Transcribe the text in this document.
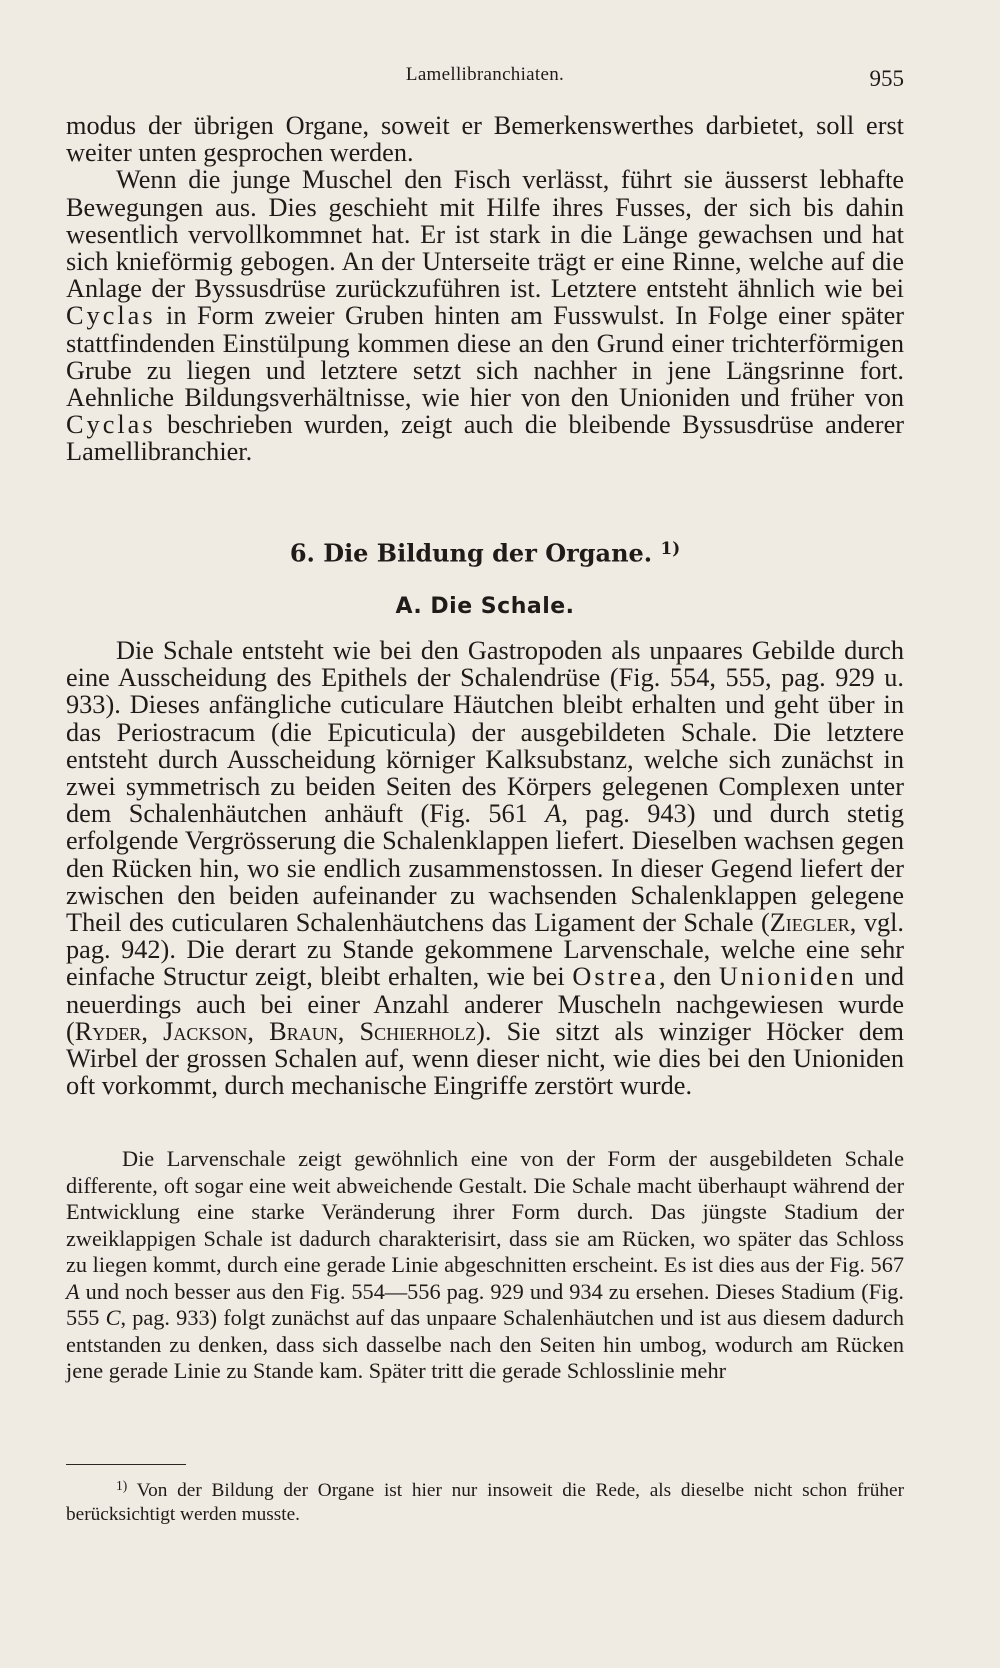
Lamellibranchiaten.	955

modus der übrigen Organe, soweit er Bemerkenswerthes darbietet, soll erst weiter unten gesprochen werden.

Wenn die junge Muschel den Fisch verlässt, führt sie äusserst lebhafte Bewegungen aus. Dies geschieht mit Hilfe ihres Fusses, der sich bis dahin wesentlich vervollkommnet hat. Er ist stark in die Länge gewachsen und hat sich knieförmig gebogen. An der Unterseite trägt er eine Rinne, welche auf die Anlage der Byssusdrüse zurückzuführen ist. Letztere entsteht ähnlich wie bei Cyclas in Form zweier Gruben hinten am Fusswulst. In Folge einer später stattfindenden Einstülpung kommen diese an den Grund einer trichterförmigen Grube zu liegen und letztere setzt sich nachher in jene Längsrinne fort. Aehnliche Bildungsverhältnisse, wie hier von den Unioniden und früher von Cyclas beschrieben wurden, zeigt auch die bleibende Byssusdrüse anderer Lamellibranchier.

6. Die Bildung der Organe. $^{1)}$
A. Die Schale.

Die Schale entsteht wie bei den Gastropoden als unpaares Gebilde durch eine Ausscheidung des Epithels der Schalendrüse (Fig. 554, 555, pag. 929 u. 933). Dieses anfängliche cuticulare Häutchen bleibt erhalten und geht über in das Periostracum (die Epicuticula) der ausgebildeten Schale. Die letztere entsteht durch Ausscheidung körniger Kalksubstanz, welche sich zunächst in zwei symmetrisch zu beiden Seiten des Körpers gelegenen Complexen unter dem Schalenhäutchen anhäuft (Fig. 561 A, pag. 943) und durch stetig erfolgende Vergrösserung die Schalenklappen liefert. Dieselben wachsen gegen den Rücken hin, wo sie endlich zusammenstossen. In dieser Gegend liefert der zwischen den beiden aufeinander zu wachsenden Schalenklappen gelegene Theil des cuticularen Schalenhäutchens das Ligament der Schale (Ziegler, vgl. pag. 942). Die derart zu Stande gekommene Larvenschale, welche eine sehr einfache Structur zeigt, bleibt erhalten, wie bei Ostrea, den Unioniden und neuerdings auch bei einer Anzahl anderer Muscheln nachgewiesen wurde (Ryder, Jackson, Braun, Schierholz). Sie sitzt als winziger Höcker dem Wirbel der grossen Schalen auf, wenn dieser nicht, wie dies bei den Unioniden oft vorkommt, durch mechanische Eingriffe zerstört wurde.

Die Larvenschale zeigt gewöhnlich eine von der Form der ausgebildeten Schale differente, oft sogar eine weit abweichende Gestalt. Die Schale macht überhaupt während der Entwicklung eine starke Veränderung ihrer Form durch. Das jüngste Stadium der zweiklappigen Schale ist dadurch charakterisirt, dass sie am Rücken, wo später das Schloss zu liegen kommt, durch eine gerade Linie abgeschnitten erscheint. Es ist dies aus der Fig. 567 A und noch besser aus den Fig. 554—556 pag. 929 und 934 zu ersehen. Dieses Stadium (Fig. 555 C, pag. 933) folgt zunächst auf das unpaare Schalenhäutchen und ist aus diesem dadurch entstanden zu denken, dass sich dasselbe nach den Seiten hin umbog, wodurch am Rücken jene gerade Linie zu Stande kam. Später tritt die gerade Schlosslinie mehr

$^{1)}$ Von der Bildung der Organe ist hier nur insoweit die Rede, als dieselbe nicht schon früher berücksichtigt werden musste.
